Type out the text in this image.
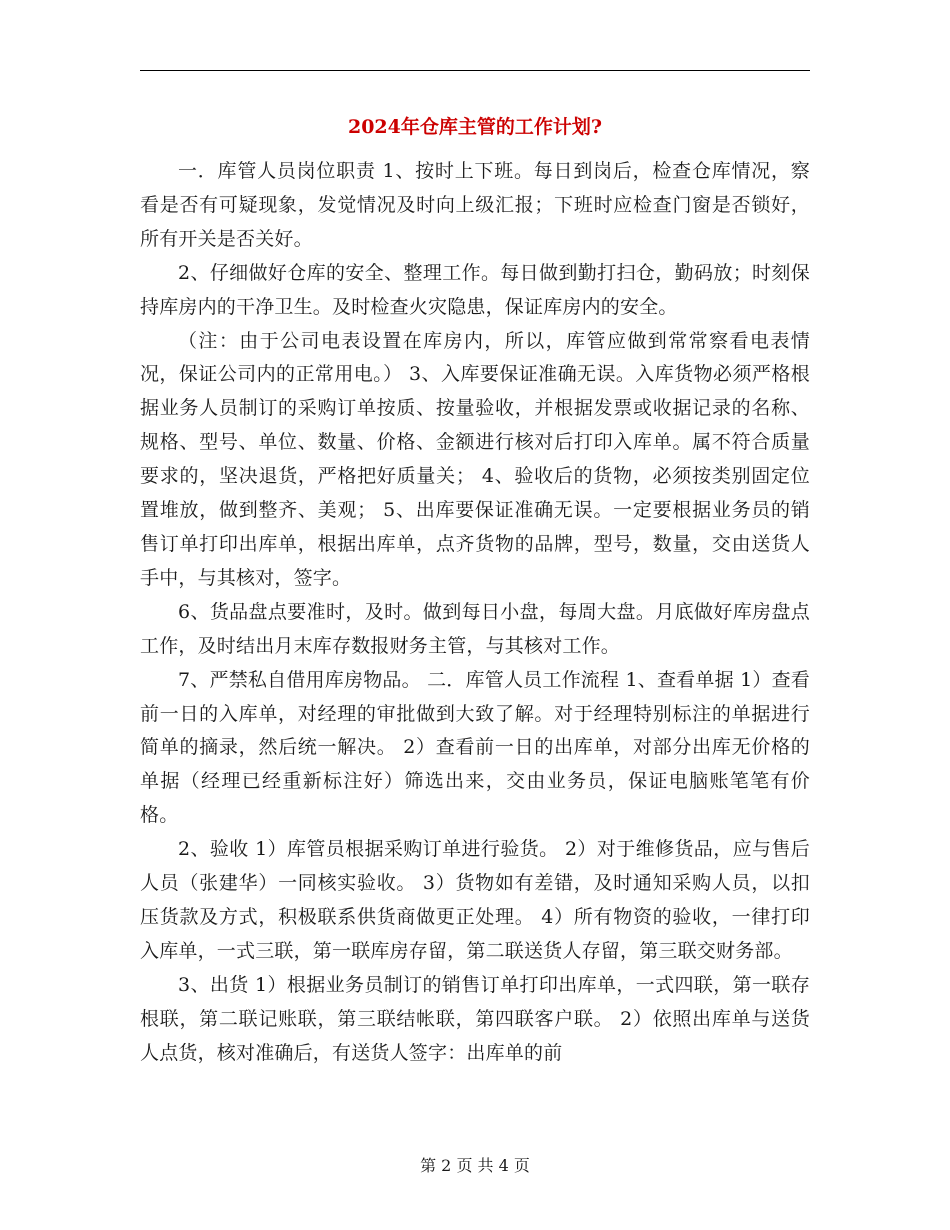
2024年仓库主管的工作计划?

一．库管人员岗位职责 1、按时上下班。每日到岗后，检查仓库情况，察看是否有可疑现象，发觉情况及时向上级汇报；下班时应检查门窗是否锁好，所有开关是否关好。

2、仔细做好仓库的安全、整理工作。每日做到勤打扫仓，勤码放；时刻保持库房内的干净卫生。及时检查火灾隐患，保证库房内的安全。

（注：由于公司电表设置在库房内，所以，库管应做到常常察看电表情况，保证公司内的正常用电。） 3、入库要保证准确无误。入库货物必须严格根据业务人员制订的采购订单按质、按量验收，并根据发票或收据记录的名称、规格、型号、单位、数量、价格、金额进行核对后打印入库单。属不符合质量要求的，坚决退货，严格把好质量关； 4、验收后的货物，必须按类别固定位置堆放，做到整齐、美观； 5、出库要保证准确无误。一定要根据业务员的销售订单打印出库单，根据出库单，点齐货物的品牌，型号，数量，交由送货人手中，与其核对，签字。

6、货品盘点要准时，及时。做到每日小盘，每周大盘。月底做好库房盘点工作，及时结出月末库存数报财务主管，与其核对工作。

7、严禁私自借用库房物品。 二．库管人员工作流程 1、查看单据 1）查看前一日的入库单，对经理的审批做到大致了解。对于经理特别标注的单据进行简单的摘录，然后统一解决。 2）查看前一日的出库单，对部分出库无价格的单据（经理已经重新标注好）筛选出来，交由业务员，保证电脑账笔笔有价格。

2、验收 1）库管员根据采购订单进行验货。 2）对于维修货品，应与售后人员（张建华）一同核实验收。 3）货物如有差错，及时通知采购人员，以扣压货款及方式，积极联系供货商做更正处理。 4）所有物资的验收，一律打印入库单，一式三联，第一联库房存留，第二联送货人存留，第三联交财务部。

3、出货 1）根据业务员制订的销售订单打印出库单，一式四联，第一联存根联，第二联记账联，第三联结帐联，第四联客户联。 2）依照出库单与送货人点货，核对准确后，有送货人签字：出库单的前

第 2 页 共 4 页
